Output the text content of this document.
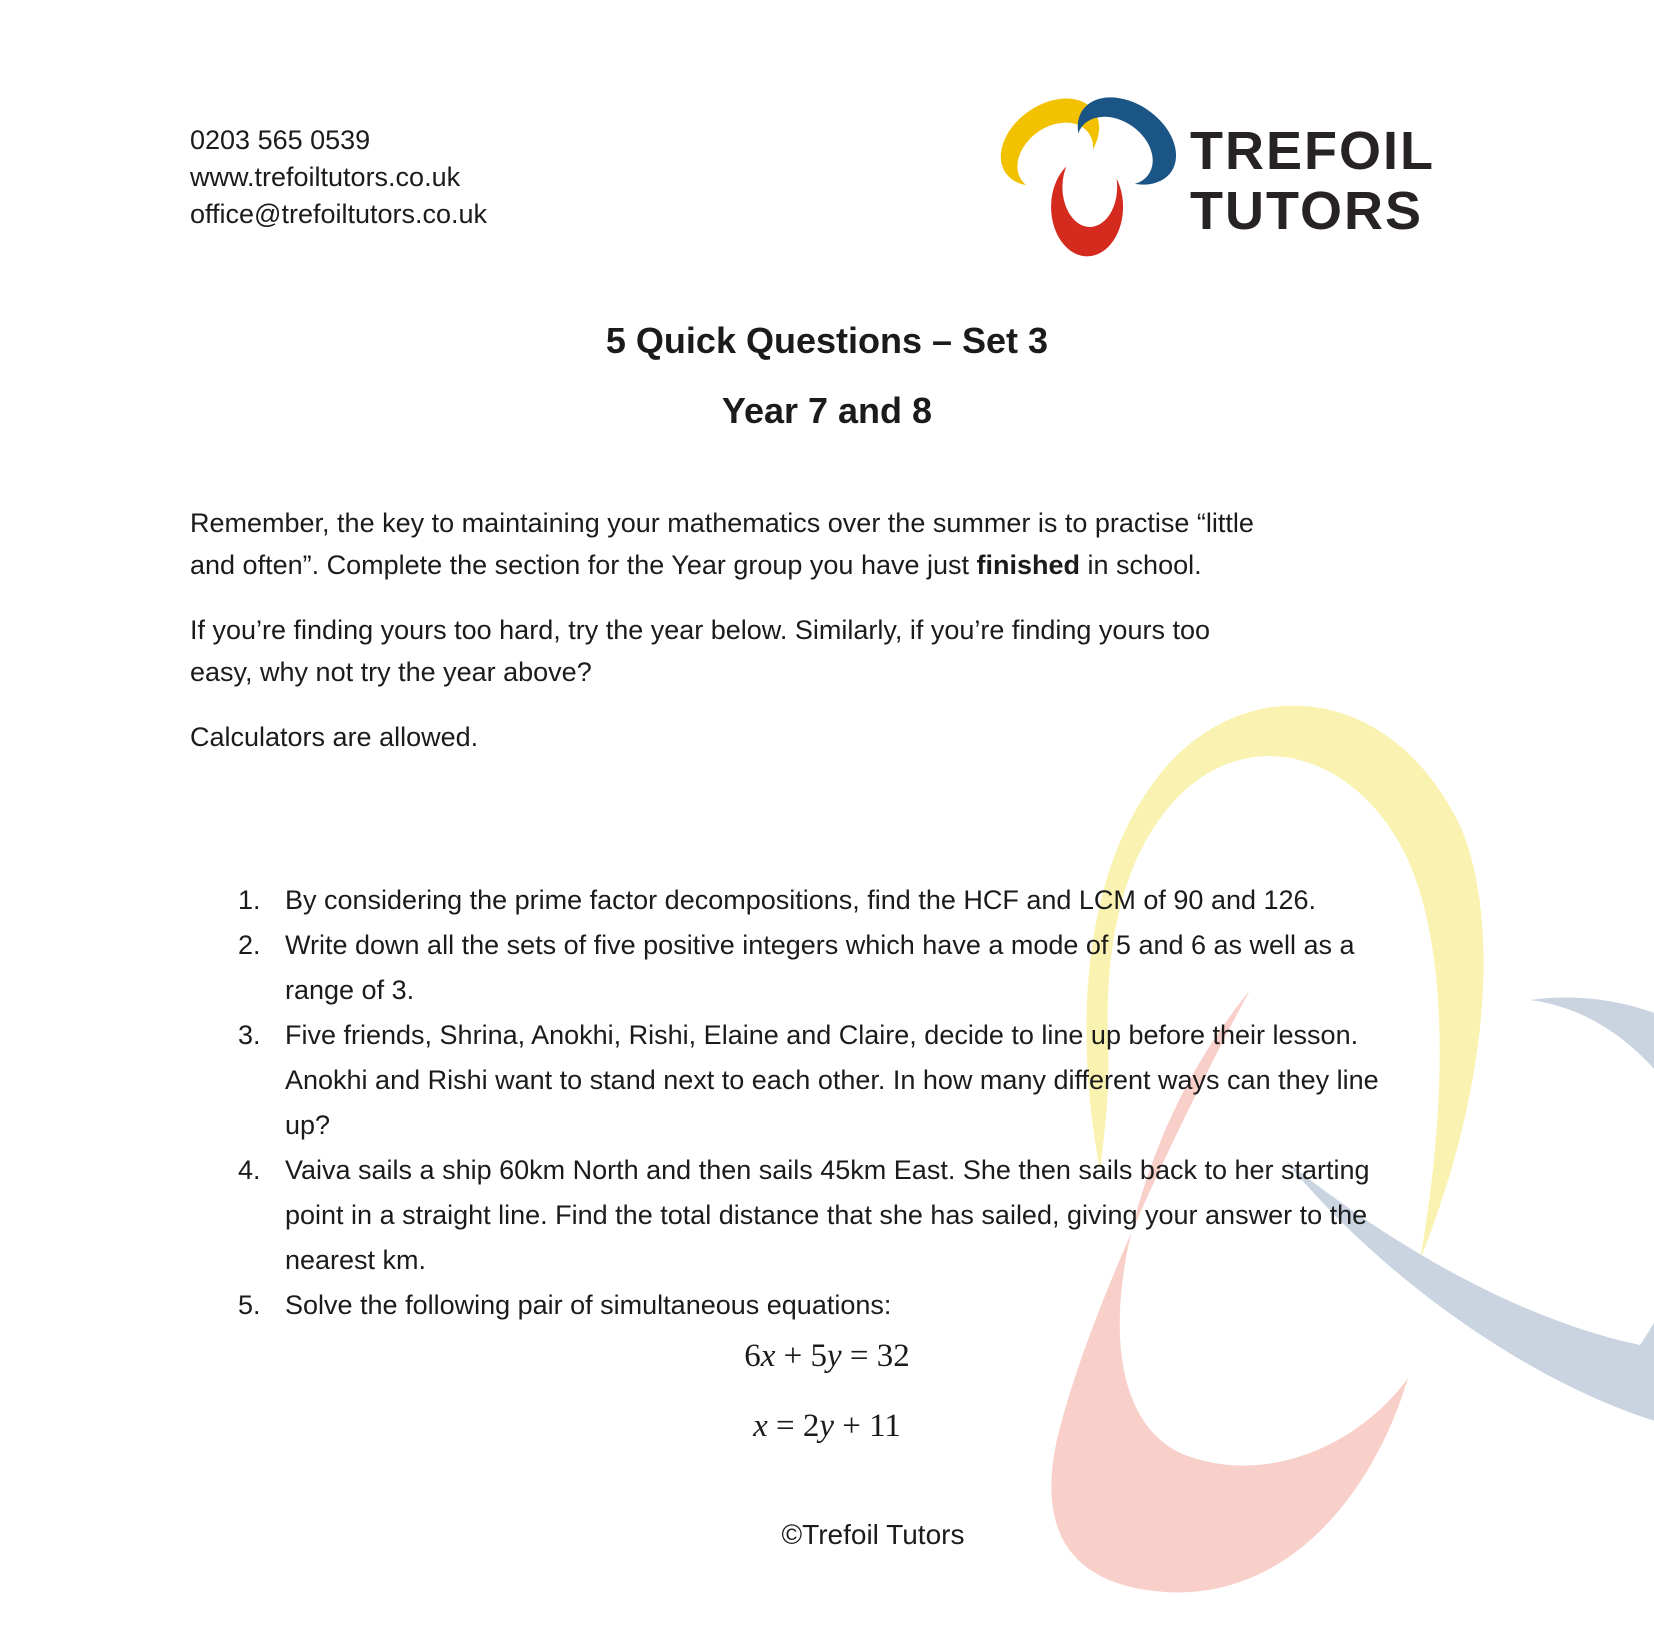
0203 565 0539
www.trefoiltutors.co.uk
office@trefoiltutors.co.uk
TREFOIL
TUTORS
5 Quick Questions – Set 3
Year 7 and 8
Remember, the key to maintaining your mathematics over the summer is to practise “little
and often”. Complete the section for the Year group you have just finished in school.
If you’re finding yours too hard, try the year below. Similarly, if you’re finding yours too
easy, why not try the year above?
Calculators are allowed.
1. By considering the prime factor decompositions, find the HCF and LCM of 90 and 126.
2. Write down all the sets of five positive integers which have a mode of 5 and 6 as well as a
range of 3.
3. Five friends, Shrina, Anokhi, Rishi, Elaine and Claire, decide to line up before their lesson.
Anokhi and Rishi want to stand next to each other. In how many different ways can they line
up?
4. Vaiva sails a ship 60km North and then sails 45km East. She then sails back to her starting
point in a straight line. Find the total distance that she has sailed, giving your answer to the
nearest km.
5. Solve the following pair of simultaneous equations:
6x + 5y = 32
x = 2y + 11
©Trefoil Tutors
